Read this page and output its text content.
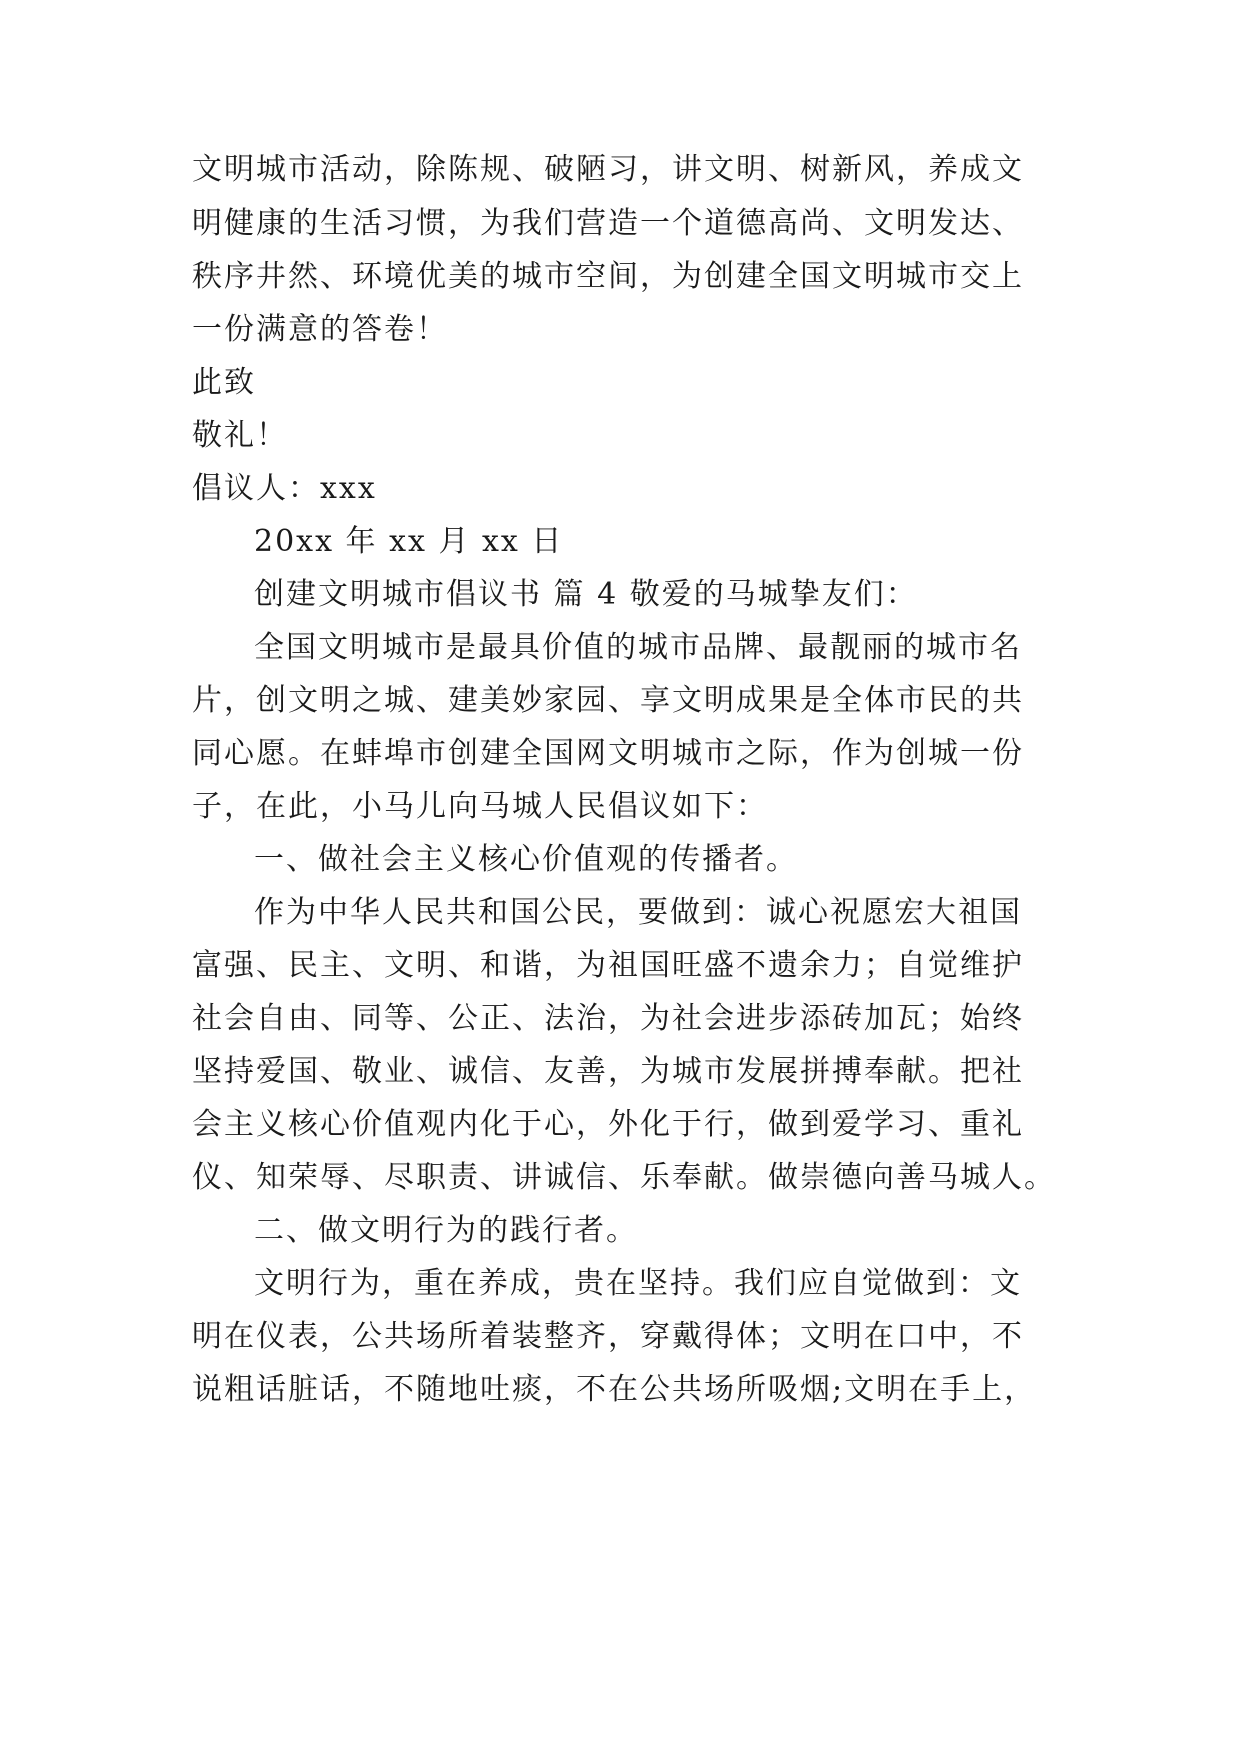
文明城市活动，除陈规、破陋习，讲文明、树新风，养成文
明健康的生活习惯，为我们营造一个道德高尚、文明发达、
秩序井然、环境优美的城市空间，为创建全国文明城市交上
一份满意的答卷！
此致
敬礼！
倡议人：xxx
20xx 年 xx 月 xx 日
创建文明城市倡议书 篇 4 敬爱的马城挚友们：
全国文明城市是最具价值的城市品牌、最靓丽的城市名
片，创文明之城、建美妙家园、享文明成果是全体市民的共
同心愿。在蚌埠市创建全国网文明城市之际，作为创城一份
子，在此，小马儿向马城人民倡议如下：
一、做社会主义核心价值观的传播者。
作为中华人民共和国公民，要做到：诚心祝愿宏大祖国
富强、民主、文明、和谐，为祖国旺盛不遗余力；自觉维护
社会自由、同等、公正、法治，为社会进步添砖加瓦；始终
坚持爱国、敬业、诚信、友善，为城市发展拼搏奉献。把社
会主义核心价值观内化于心，外化于行，做到爱学习、重礼
仪、知荣辱、尽职责、讲诚信、乐奉献。做崇德向善马城人。
二、做文明行为的践行者。
文明行为，重在养成，贵在坚持。我们应自觉做到：文
明在仪表，公共场所着装整齐，穿戴得体；文明在口中，不
说粗话脏话，不随地吐痰，不在公共场所吸烟;文明在手上，
